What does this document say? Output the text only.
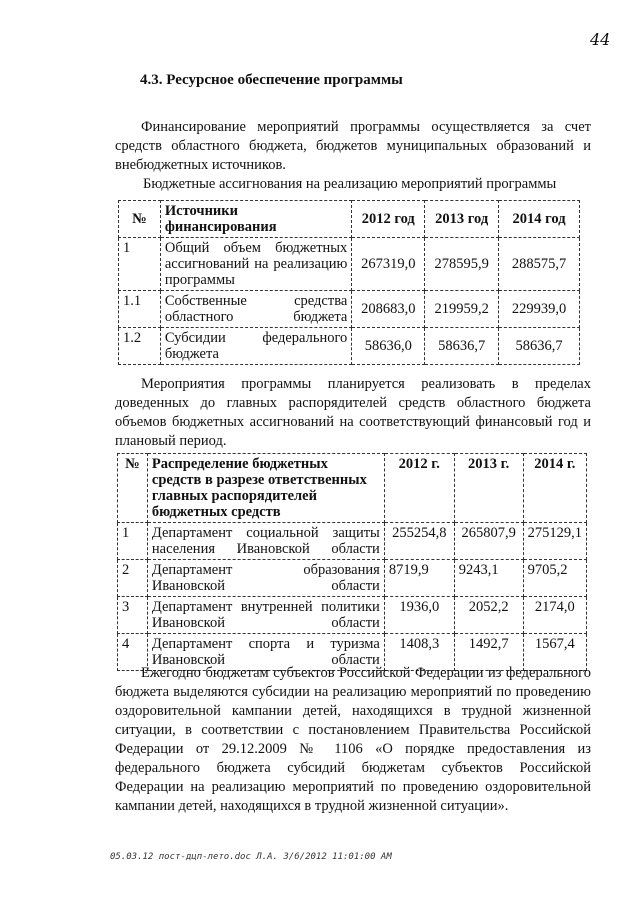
44
4.3. Ресурсное обеспечение программы
Финансирование мероприятий программы осуществляется за счет средств областного бюджета, бюджетов муниципальных образований и внебюджетных источников.
Бюджетные ассигнования на реализацию мероприятий программы
№	Источники финансирования	2012 год	2013 год	2014 год
1	Общий объем бюджетных ассигнований на реализацию программы	267319,0	278595,9	288575,7
1.1	Собственные средства областного бюджета	208683,0	219959,2	229939,0
1.2	Субсидии федерального бюджета	58636,0	58636,7	58636,7
Мероприятия программы планируется реализовать в пределах доведенных до главных распорядителей средств областного бюджета объемов бюджетных ассигнований на соответствующий финансовый год и плановый период.
№	Распределение бюджетных средств в разрезе ответственных главных распорядителей бюджетных средств	2012 г.	2013 г.	2014 г.
1	Департамент социальной защиты населения Ивановской области	255254,8	265807,9	275129,1
2	Департамент образования Ивановской области	8719,9	9243,1	9705,2
3	Департамент внутренней политики Ивановской области	1936,0	2052,2	2174,0
4	Департамент спорта и туризма Ивановской области	1408,3	1492,7	1567,4
Ежегодно бюджетам субъектов Российской Федерации из федерального бюджета выделяются субсидии на реализацию мероприятий по проведению оздоровительной кампании детей, находящихся в трудной жизненной ситуации, в соответствии с постановлением Правительства Российской Федерации от 29.12.2009 № 1106 «О порядке предоставления из федерального бюджета субсидий бюджетам субъектов Российской Федерации на реализацию мероприятий по проведению оздоровительной кампании детей, находящихся в трудной жизненной ситуации».
05.03.12 пост-дцп-лето.doc Л.А. 3/6/2012 11:01:00 AM
